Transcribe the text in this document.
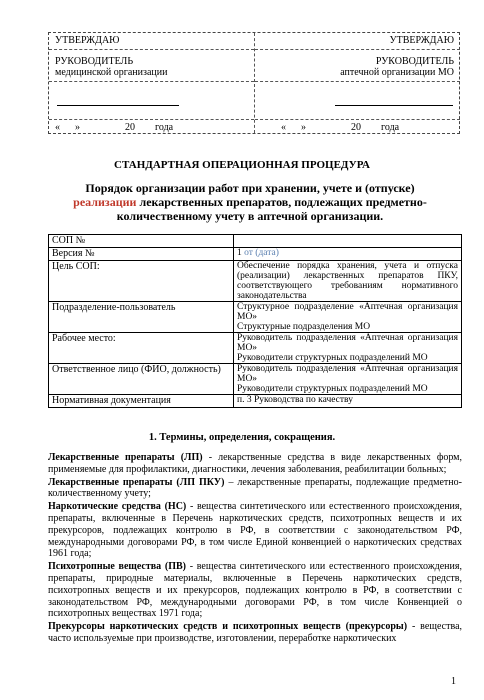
УТВЕРЖДАЮ
РУКОВОДИТЕЛЬ
медицинской организации
«      »                  20        года
УТВЕРЖДАЮ
РУКОВОДИТЕЛЬ
аптечной организации МО
«      »                  20        года
СТАНДАРТНАЯ ОПЕРАЦИОННАЯ ПРОЦЕДУРА
Порядок организации работ при хранении, учете и (отпуске) реализации лекарственных препаратов, подлежащих предметно-количественному учету в аптечной организации.
СОП №	
Версия №	1 от (дата)
Цель СОП:	Обеспечение порядка хранения, учета и отпуска (реализации) лекарственных препаратов ПКУ, соответствующего требованиям нормативного законодательства
Подразделение-пользователь	Структурное подразделение «Аптечная организация МО»
Структурные подразделения МО

Рабочее место:	Руководитель подразделения «Аптечная организация МО»
Руководители структурных подразделений МО

Ответственное лицо (ФИО, должность)	Руководитель подразделения «Аптечная организация МО»
Руководители структурных подразделений МО

Нормативная документация	п. 3 Руководства по качеству
1. Термины, определения, сокращения.

Лекарственные препараты (ЛП) - лекарственные средства в виде лекарственных форм, применяемые для профилактики, диагностики, лечения заболевания, реабилитации больных;

Лекарственные препараты (ЛП ПКУ) – лекарственные препараты, подлежащие предметно-количественному учету;

Наркотические средства (НС) - вещества синтетического или естественного происхождения, препараты, включенные в Перечень наркотических средств, психотропных веществ и их прекурсоров, подлежащих контролю в РФ, в соответствии с законодательством РФ, международными договорами РФ, в том числе Единой конвенцией о наркотических средствах 1961 года;

Психотропные вещества (ПВ) - вещества синтетического или естественного происхождения, препараты, природные материалы, включенные в Перечень наркотических средств, психотропных веществ и их прекурсоров, подлежащих контролю в РФ, в соответствии с законодательством РФ, международными договорами РФ, в том числе Конвенцией о психотропных веществах 1971 года;

Прекурсоры наркотических средств и психотропных веществ (прекурсоры) - вещества, часто используемые при производстве, изготовлении, переработке наркотических

1
